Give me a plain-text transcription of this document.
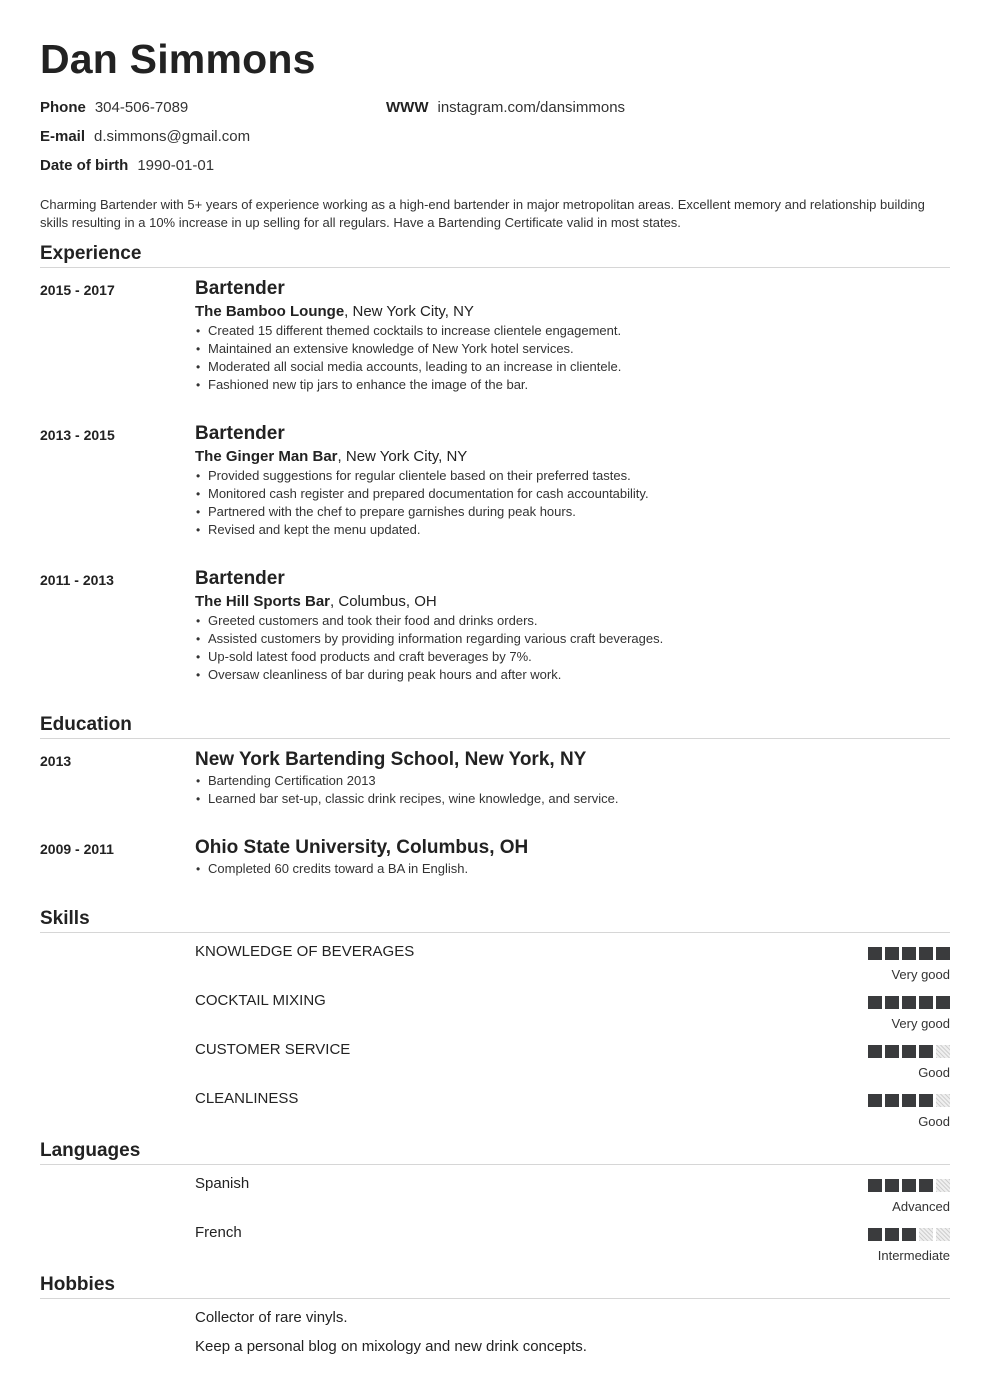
Dan Simmons
Phone 304-506-7089	WWW instagram.com/dansimmons
E-mail d.simmons@gmail.com
Date of birth 1990-01-01
Charming Bartender with 5+ years of experience working as a high-end bartender in major metropolitan areas. Excellent memory and relationship building skills resulting in a 10% increase in up selling for all regulars. Have a Bartending Certificate valid in most states.
Experience
2015 - 2017	Bartender
The Bamboo Lounge, New York City, NY
• Created 15 different themed cocktails to increase clientele engagement.
• Maintained an extensive knowledge of New York hotel services.
• Moderated all social media accounts, leading to an increase in clientele.
• Fashioned new tip jars to enhance the image of the bar.
2013 - 2015	Bartender
The Ginger Man Bar, New York City, NY
• Provided suggestions for regular clientele based on their preferred tastes.
• Monitored cash register and prepared documentation for cash accountability.
• Partnered with the chef to prepare garnishes during peak hours.
• Revised and kept the menu updated.
2011 - 2013	Bartender
The Hill Sports Bar, Columbus, OH
• Greeted customers and took their food and drinks orders.
• Assisted customers by providing information regarding various craft beverages.
• Up-sold latest food products and craft beverages by 7%.
• Oversaw cleanliness of bar during peak hours and after work.
Education
2013	New York Bartending School, New York, NY
• Bartending Certification 2013
• Learned bar set-up, classic drink recipes, wine knowledge, and service.
2009 - 2011	Ohio State University, Columbus, OH
• Completed 60 credits toward a BA in English.
Skills
KNOWLEDGE OF BEVERAGES
Very good
COCKTAIL MIXING
Very good
CUSTOMER SERVICE
Good
CLEANLINESS
Good
Languages
Spanish
Advanced
French
Intermediate
Hobbies
Collector of rare vinyls.
Keep a personal blog on mixology and new drink concepts.
